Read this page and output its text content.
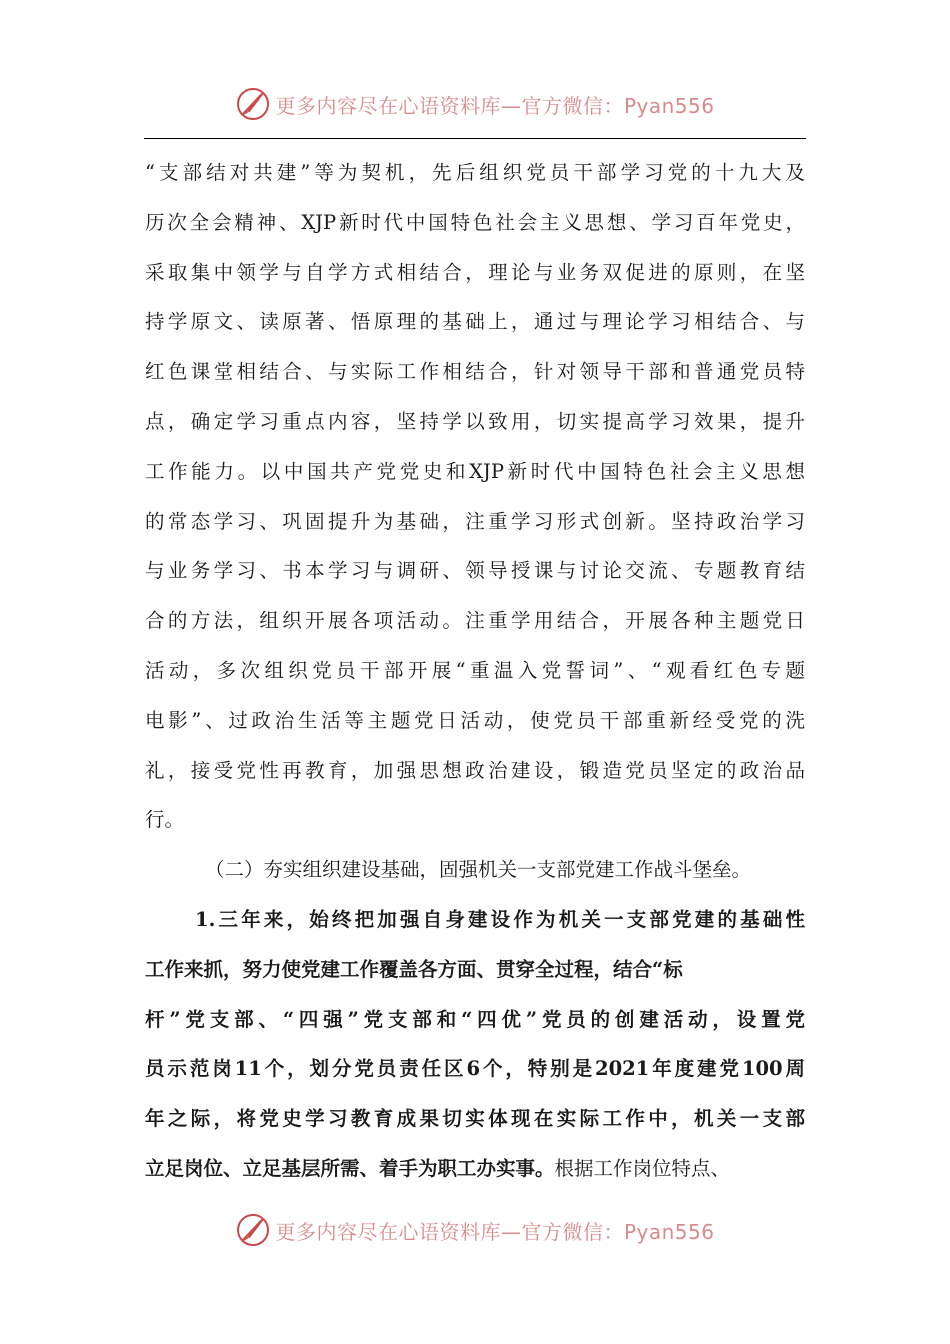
更多内容尽在心语资料库—官方微信：Pyan556
“支部结对共建”等为契机，先后组织党员干部学习党的十九大及
历次全会精神、XJP新时代中国特色社会主义思想、学习百年党史，
采取集中领学与自学方式相结合，理论与业务双促进的原则，在坚
持学原文、读原著、悟原理的基础上，通过与理论学习相结合、与
红色课堂相结合、与实际工作相结合，针对领导干部和普通党员特
点，确定学习重点内容，坚持学以致用，切实提高学习效果，提升
工作能力。以中国共产党党史和XJP新时代中国特色社会主义思想
的常态学习、巩固提升为基础，注重学习形式创新。坚持政治学习
与业务学习、书本学习与调研、领导授课与讨论交流、专题教育结
合的方法，组织开展各项活动。注重学用结合，开展各种主题党日
活动，多次组织党员干部开展“重温入党誓词”、“观看红色专题
电影”、过政治生活等主题党日活动，使党员干部重新经受党的洗
礼，接受党性再教育，加强思想政治建设，锻造党员坚定的政治品
行。
（二）夯实组织建设基础，固强机关一支部党建工作战斗堡垒。
1.三年来，始终把加强自身建设作为机关一支部党建的基础性
工作来抓，努力使党建工作覆盖各方面、贯穿全过程，结合“标
杆”党支部、“四强”党支部和“四优”党员的创建活动，设置党
员示范岗11个，划分党员责任区6个，特别是2021年度建党100周
年之际，将党史学习教育成果切实体现在实际工作中，机关一支部
立足岗位、立足基层所需、着手为职工办实事。根据工作岗位特点、
更多内容尽在心语资料库—官方微信：Pyan556
